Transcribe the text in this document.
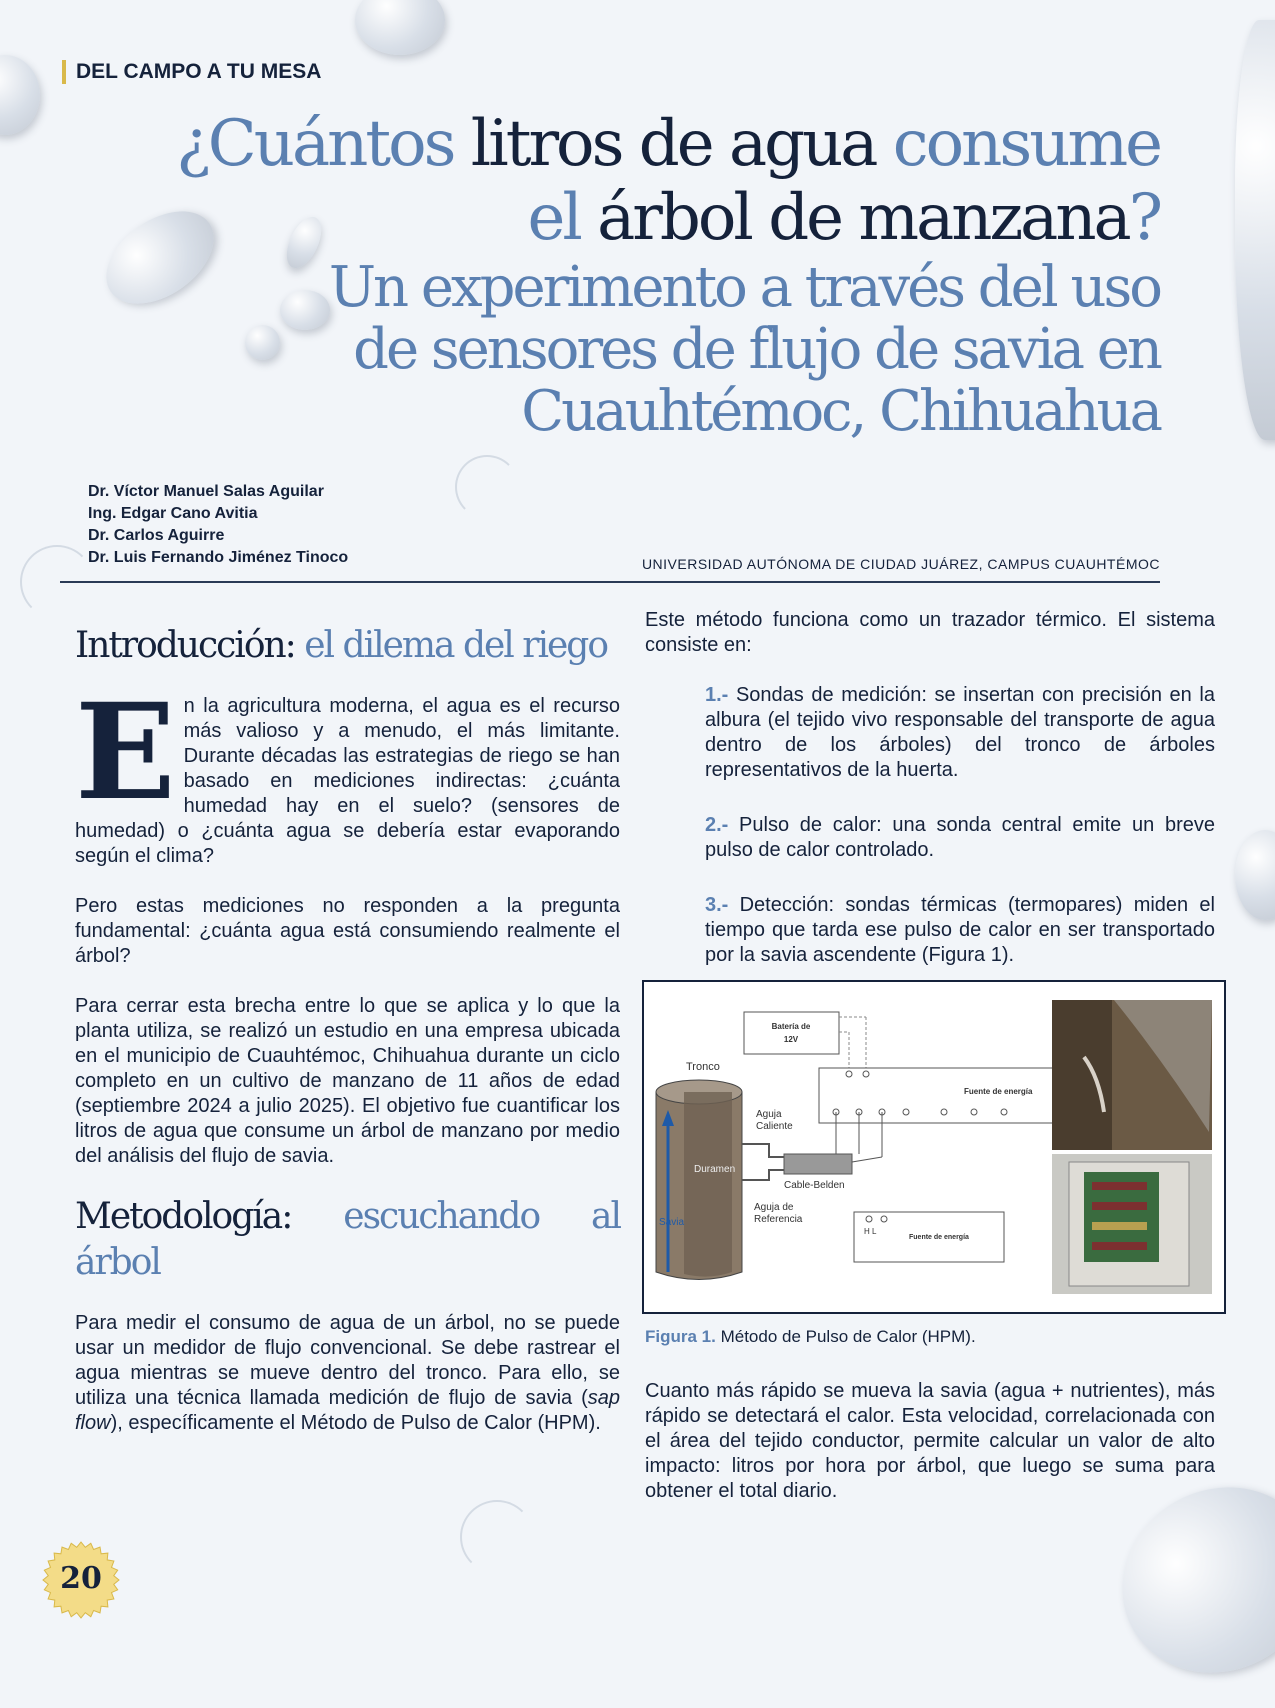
DEL CAMPO A TU MESA
¿Cuántos litros de agua consume
el árbol de manzana?
Un experimento a través del uso
de sensores de flujo de savia en
Cuauhtémoc, Chihuahua
Dr. Víctor Manuel Salas Aguilar
Ing. Edgar Cano Avitia
Dr. Carlos Aguirre
Dr. Luis Fernando Jiménez Tinoco	UNIVERSIDAD AUTÓNOMA DE CIUDAD JUÁREZ, CAMPUS CUAUHTÉMOC
Introducción: el dilema del riego

En la agricultura moderna, el agua es el recurso más valioso y a menudo, el más limitante. Durante décadas las estrategias de riego se han basado en mediciones indirectas: ¿cuánta humedad hay en el suelo? (sensores de humedad) o ¿cuánta agua se debería estar evaporando según el clima?

Pero estas mediciones no responden a la pregunta fundamental: ¿cuánta agua está consumiendo realmente el árbol?

Para cerrar esta brecha entre lo que se aplica y lo que la planta utiliza, se realizó un estudio en una empresa ubicada en el municipio de Cuauhtémoc, Chihuahua durante un ciclo completo en un cultivo de manzano de 11 años de edad (septiembre 2024 a julio 2025). El objetivo fue cuantificar los litros de agua que consume un árbol de manzano por medio del análisis del flujo de savia.

Metodología: escuchando al árbol

Para medir el consumo de agua de un árbol, no se puede usar un medidor de flujo convencional. Se debe rastrear el agua mientras se mueve dentro del tronco. Para ello, se utiliza una técnica llamada medición de flujo de savia (sap flow), específicamente el Método de Pulso de Calor (HPM).

Este método funciona como un trazador térmico. El sistema consiste en:

1.- Sondas de medición: se insertan con precisión en la albura (el tejido vivo responsable del transporte de agua dentro de los árboles) del tronco de árboles representativos de la huerta.
2.- Pulso de calor: una sonda central emite un breve pulso de calor controlado.
3.- Detección: sondas térmicas (termopares) miden el tiempo que tarda ese pulso de calor en ser transportado por la savia ascendente (Figura 1).
Batería de
12V
Fuente de energía
Tronco
Savia
Duramen
Aguja
Caliente
Cable-Belden
Aguja de
Referencia
H L
Fuente de energía
Figura 1. Método de Pulso de Calor (HPM).

Cuanto más rápido se mueva la savia (agua + nutrientes), más rápido se detectará el calor. Esta velocidad, correlacionada con el área del tejido conductor, permite calcular un valor de alto impacto: litros por hora por árbol, que luego se suma para obtener el total diario.

20
